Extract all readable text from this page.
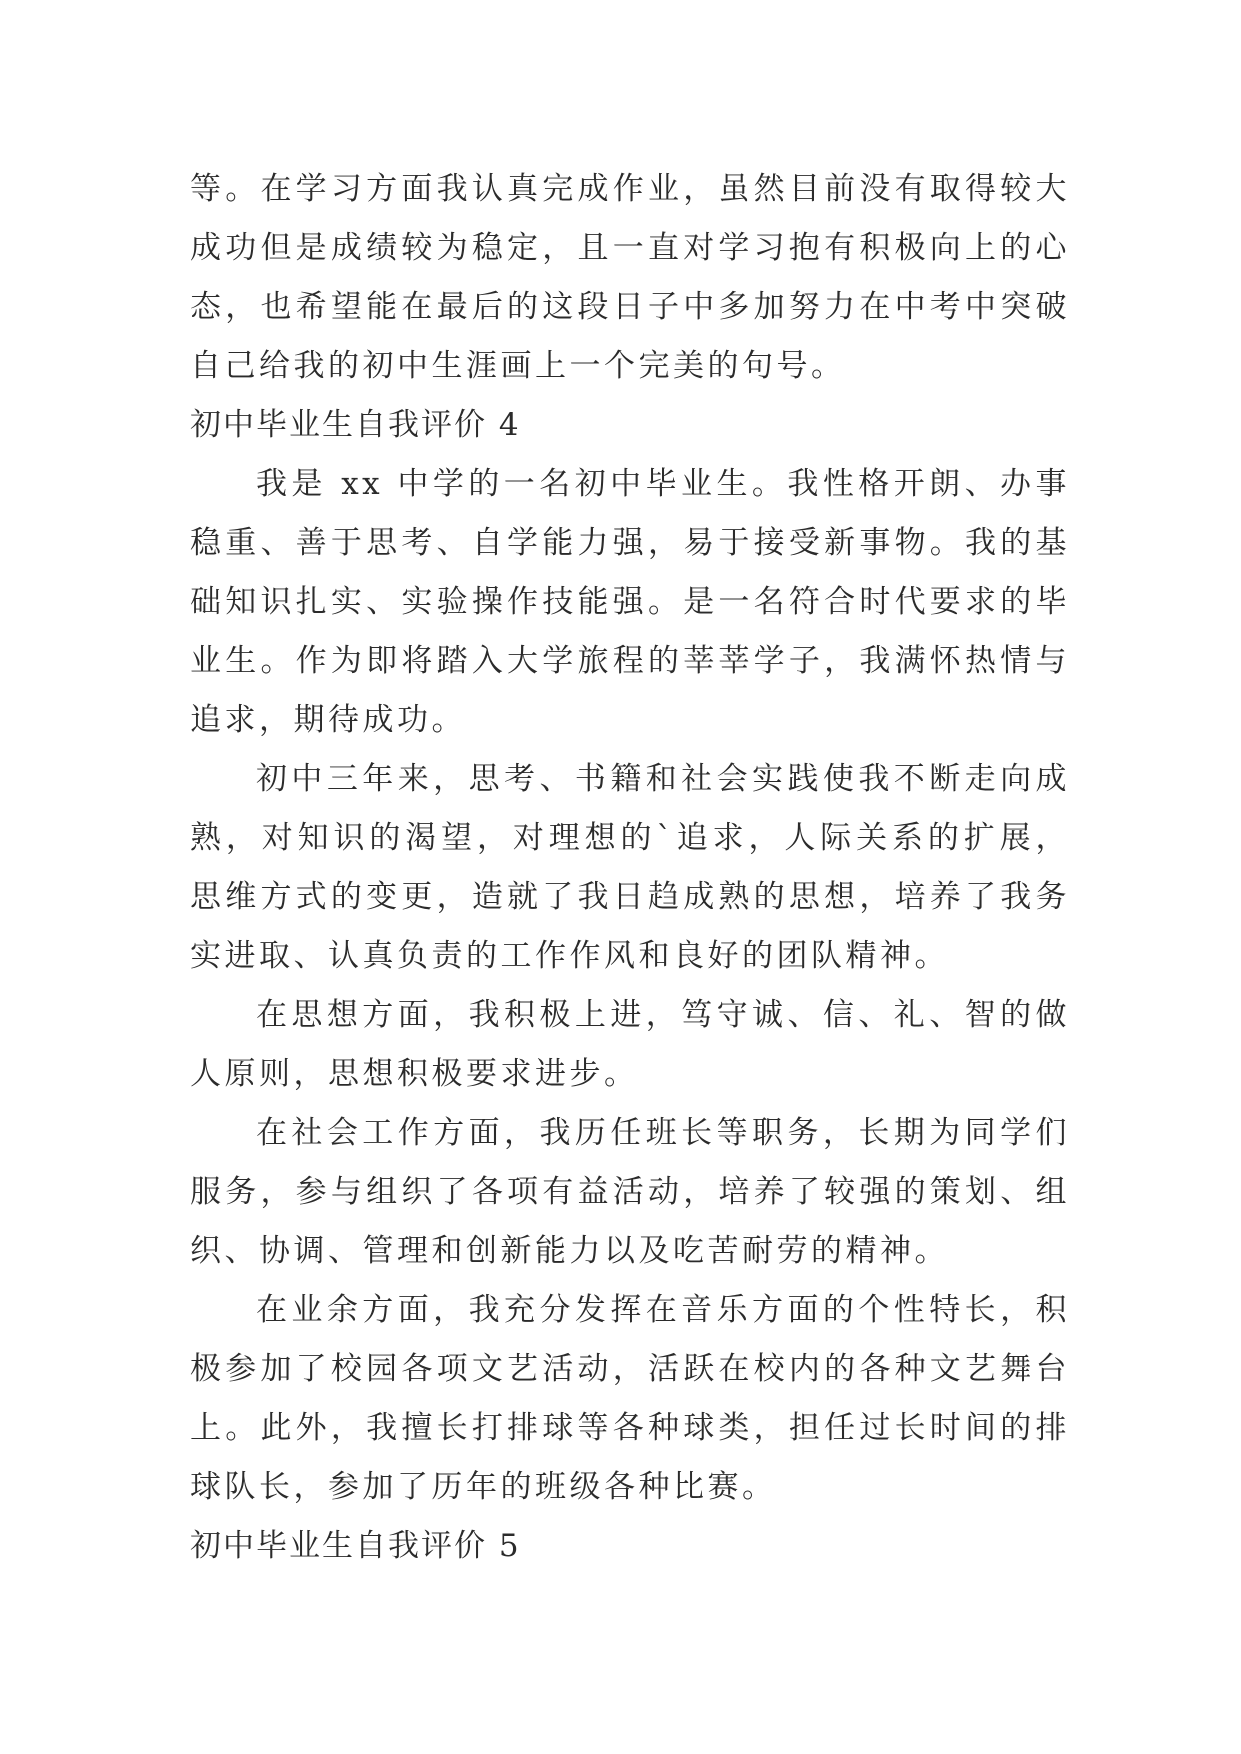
等。在学习方面我认真完成作业，虽然目前没有取得较大成功但是成绩较为稳定，且一直对学习抱有积极向上的心态，也希望能在最后的这段日子中多加努力在中考中突破自己给我的初中生涯画上一个完美的句号。

初中毕业生自我评价 4

我是 xx 中学的一名初中毕业生。我性格开朗、办事稳重、善于思考、自学能力强，易于接受新事物。我的基础知识扎实、实验操作技能强。是一名符合时代要求的毕业生。作为即将踏入大学旅程的莘莘学子，我满怀热情与追求，期待成功。

初中三年来，思考、书籍和社会实践使我不断走向成熟，对知识的渴望，对理想的`追求，人际关系的扩展，思维方式的变更，造就了我日趋成熟的思想，培养了我务实进取、认真负责的工作作风和良好的团队精神。

在思想方面，我积极上进，笃守诚、信、礼、智的做人原则，思想积极要求进步。

在社会工作方面，我历任班长等职务，长期为同学们服务，参与组织了各项有益活动，培养了较强的策划、组织、协调、管理和创新能力以及吃苦耐劳的精神。

在业余方面，我充分发挥在音乐方面的个性特长，积极参加了校园各项文艺活动，活跃在校内的各种文艺舞台上。此外，我擅长打排球等各种球类，担任过长时间的排球队长，参加了历年的班级各种比赛。

初中毕业生自我评价 5
